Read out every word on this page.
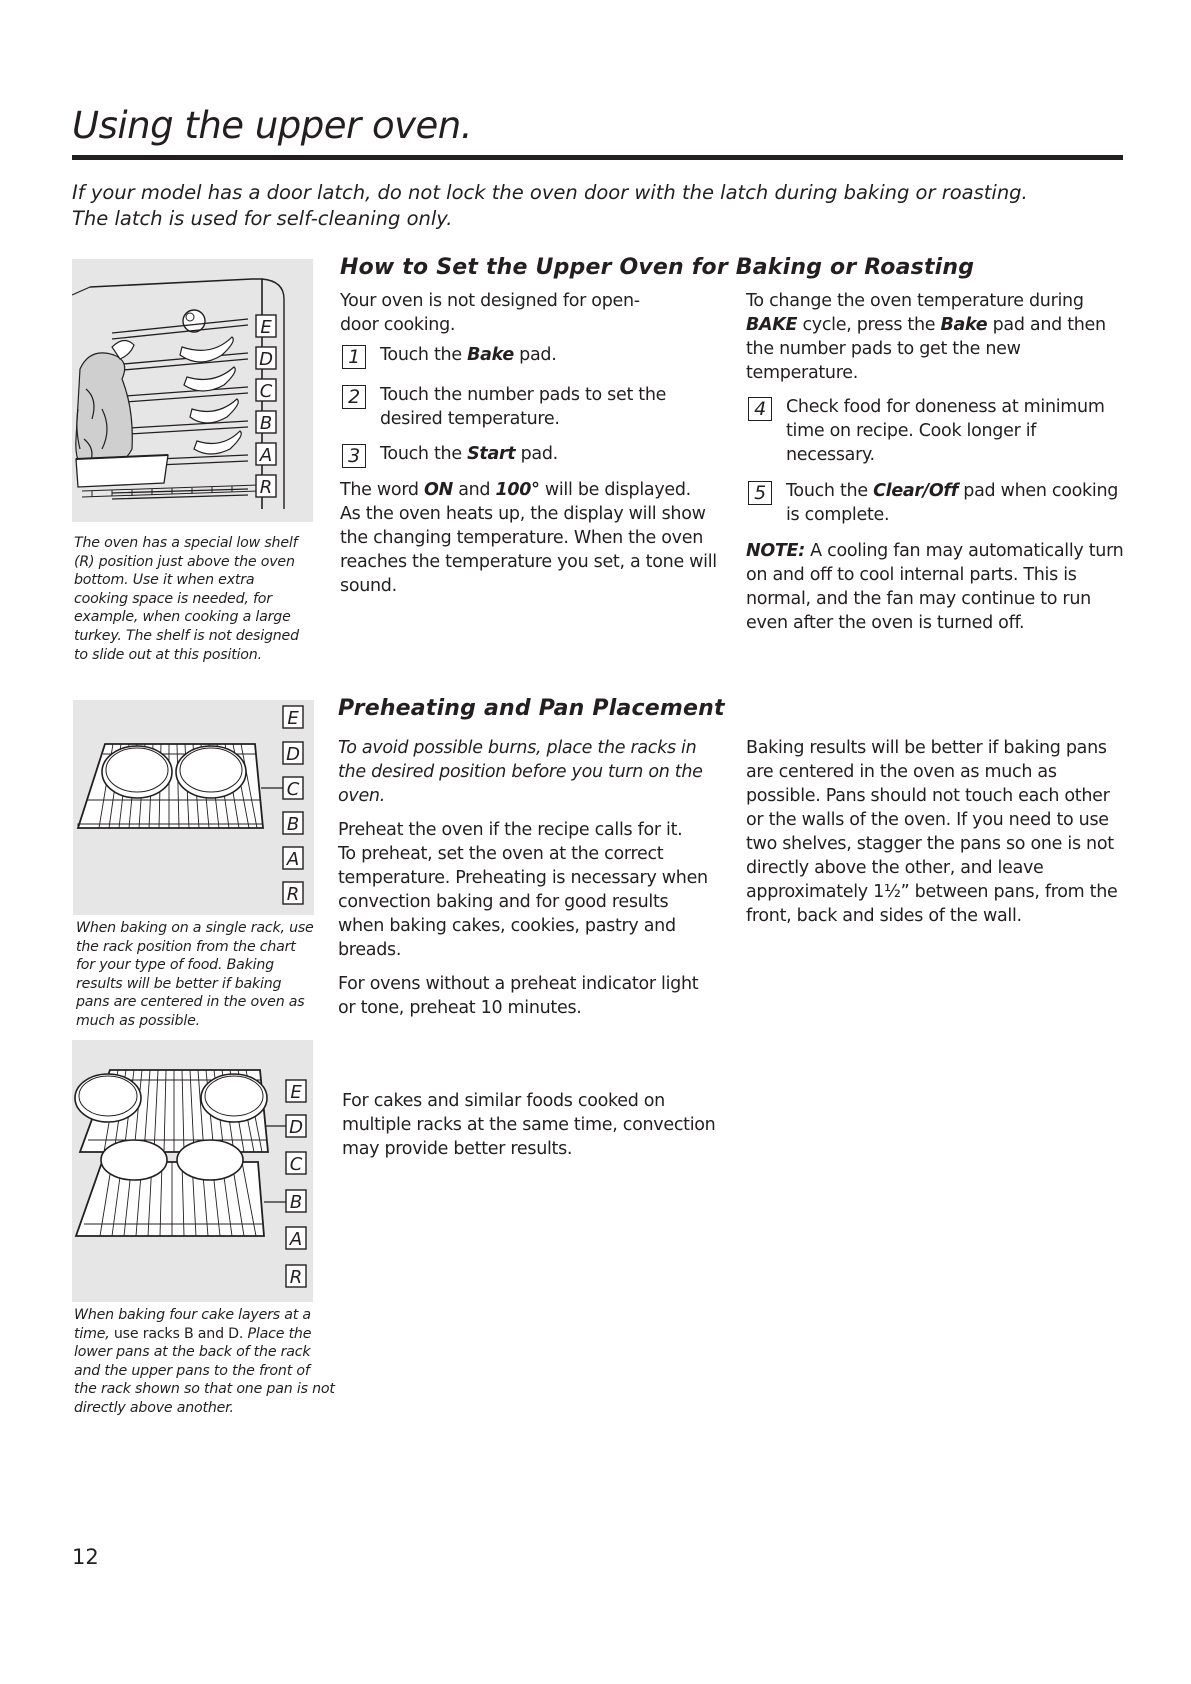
Using the upper oven.
If your model has a door latch, do not lock the oven door with the latch during baking or roasting.
The latch is used for self-cleaning only.
E
D
C
B
A
R
The oven has a special low shelf (R) position just above the oven bottom. Use it when extra cooking space is needed, for example, when cooking a large turkey. The shelf is not designed to slide out at this position.
How to Set the Upper Oven for Baking or Roasting

Your oven is not designed for open-door cooking.

1	Touch the Bake pad.
2	Touch the number pads to set the desired temperature.
3	Touch the Start pad.

The word ON and 100° will be displayed.

As the oven heats up, the display will show the changing temperature. When the oven reaches the temperature you set, a tone will sound.

To change the oven temperature during BAKE cycle, press the Bake pad and then the number pads to get the new temperature.

4	Check food for doneness at minimum time on recipe. Cook longer if necessary.
5	Touch the Clear/Off pad when cooking is complete.

NOTE: A cooling fan may automatically turn on and off to cool internal parts. This is normal, and the fan may continue to run even after the oven is turned off.

E
D
C
B
A
R
When baking on a single rack, use the rack position from the chart for your type of food. Baking results will be better if baking pans are centered in the oven as much as possible.
Preheating and Pan Placement

To avoid possible burns, place the racks in the desired position before you turn on the oven.

Preheat the oven if the recipe calls for it.

To preheat, set the oven at the correct temperature. Preheating is necessary when convection baking and for good results when baking cakes, cookies, pastry and breads.

For ovens without a preheat indicator light or tone, preheat 10 minutes.

Baking results will be better if baking pans are centered in the oven as much as possible. Pans should not touch each other or the walls of the oven. If you need to use two shelves, stagger the pans so one is not directly above the other, and leave approximately 1½” between pans, from the front, back and sides of the wall.

E
D
C
B
A
R
When baking four cake layers at a time, use racks B and D. Place the lower pans at the back of the rack and the upper pans to the front of the rack shown so that one pan is not directly above another.
For cakes and similar foods cooked on multiple racks at the same time, convection may provide better results.
12
